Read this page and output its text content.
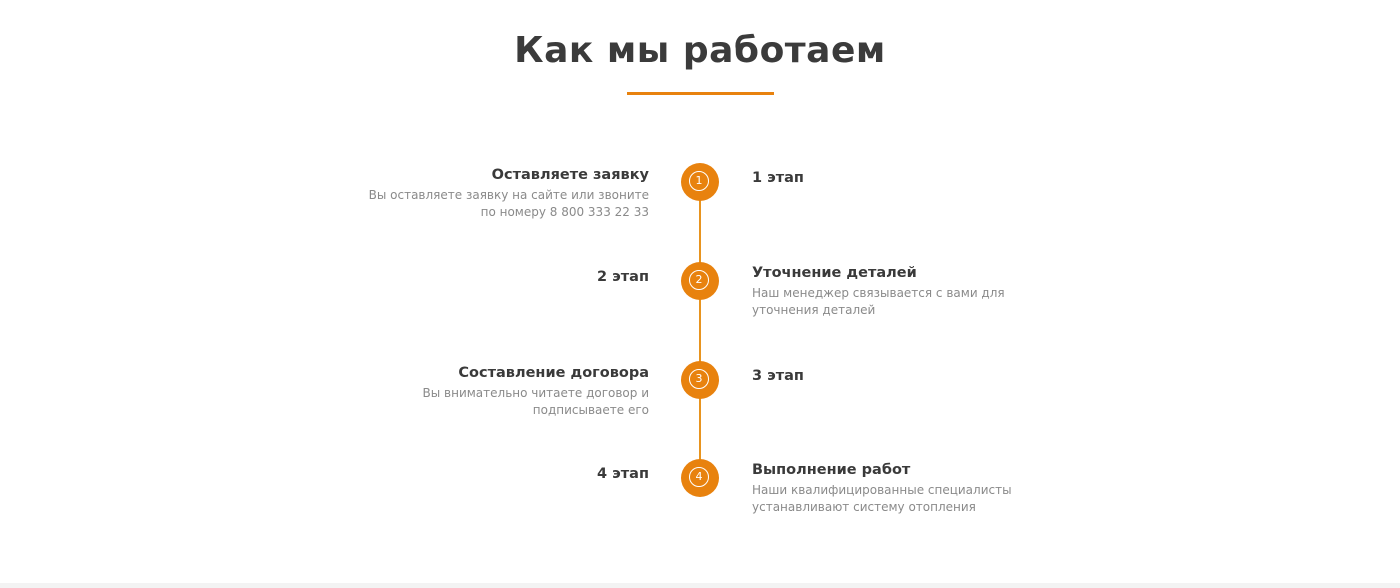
Как мы работаем
Оставляете заявку
Вы оставляете заявку на сайте или звоните
по номеру 8 800 333 22 33
1	1 этап
2 этап	2	Уточнение деталей
Наш менеджер связывается с вами для
уточнения деталей
Составление договора
Вы внимательно читаете договор и
подписываете его
3	3 этап
4 этап	4	Выполнение работ
Наши квалифицированные специалисты
устанавливают систему отопления
